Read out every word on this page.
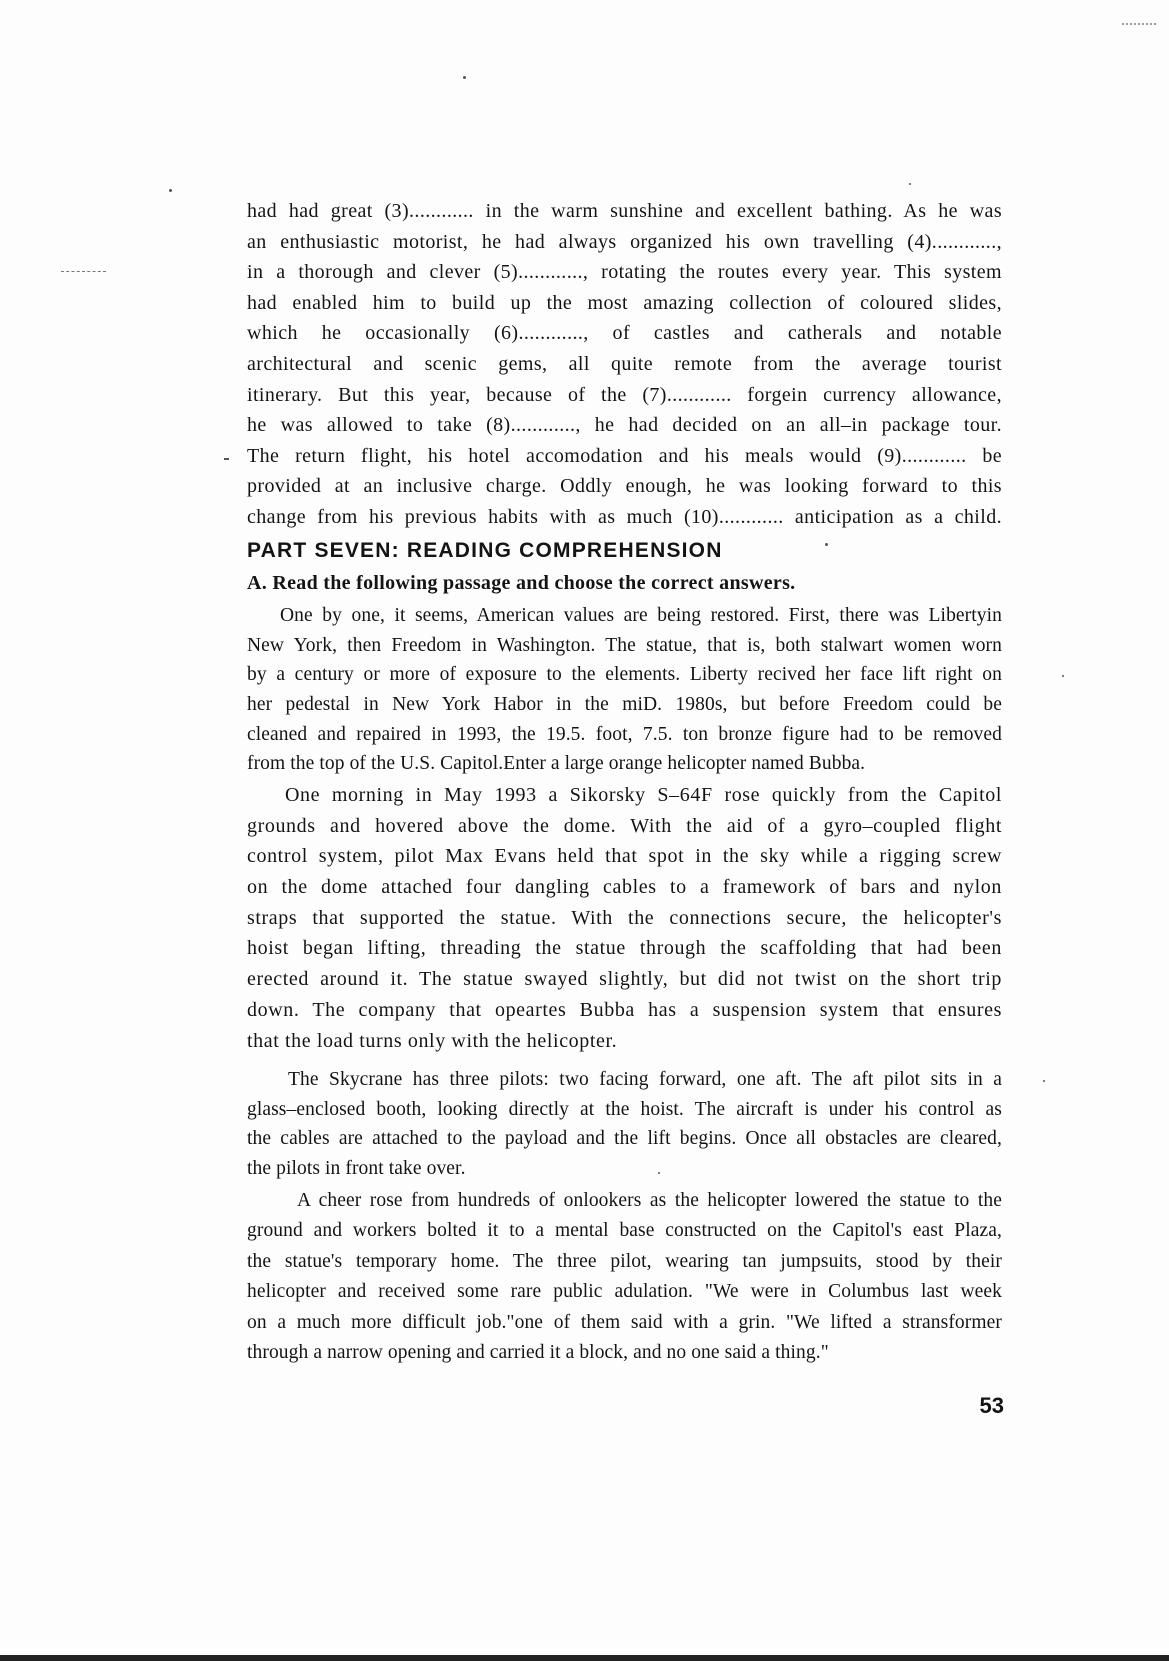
had had great (3)............ in the warm sunshine and excellent bathing. As he was
an enthusiastic motorist, he had always organized his own travelling (4)............,
in a thorough and clever (5)............, rotating the routes every year. This system
had enabled him to build up the most amazing collection of coloured slides,
which he occasionally (6)............, of castles and catherals and notable
architectural and scenic gems, all quite remote from the average tourist
itinerary. But this year, because of the (7)............ forgein currency allowance,
he was allowed to take (8)............, he had decided on an all–in package tour.
The return flight, his hotel accomodation and his meals would (9)............ be
provided at an inclusive charge. Oddly enough, he was looking forward to this
change from his previous habits with as much (10)............ anticipation as a child.
PART SEVEN: READING COMPREHENSION
A. Read the following passage and choose the correct answers.
One by one, it seems, American values are being restored. First, there was Libertyin
New York, then Freedom in Washington. The statue, that is, both stalwart women worn
by a century or more of exposure to the elements. Liberty recived her face lift right on
her pedestal in New York Habor in the miD. 1980s, but before Freedom could be
cleaned and repaired in 1993, the 19.5. foot, 7.5. ton bronze figure had to be removed
from the top of the U.S. Capitol.Enter a large orange helicopter named Bubba.
One morning in May 1993 a Sikorsky S–64F rose quickly from the Capitol
grounds and hovered above the dome. With the aid of a gyro–coupled flight
control system, pilot Max Evans held that spot in the sky while a rigging screw
on the dome attached four dangling cables to a framework of bars and nylon
straps that supported the statue. With the connections secure, the helicopter's
hoist began lifting, threading the statue through the scaffolding that had been
erected around it. The statue swayed slightly, but did not twist on the short trip
down. The company that opeartes Bubba has a suspension system that ensures
that the load turns only with the helicopter.
The Skycrane has three pilots: two facing forward, one aft. The aft pilot sits in a
glass–enclosed booth, looking directly at the hoist. The aircraft is under his control as
the cables are attached to the payload and the lift begins. Once all obstacles are cleared,
the pilots in front take over.
A cheer rose from hundreds of onlookers as the helicopter lowered the statue to the
ground and workers bolted it to a mental base constructed on the Capitol's east Plaza,
the statue's temporary home. The three pilot, wearing tan jumpsuits, stood by their
helicopter and received some rare public adulation. "We were in Columbus last week
on a much more difficult job."one of them said with a grin. "We lifted a stransformer
through a narrow opening and carried it a block, and no one said a thing."
53
